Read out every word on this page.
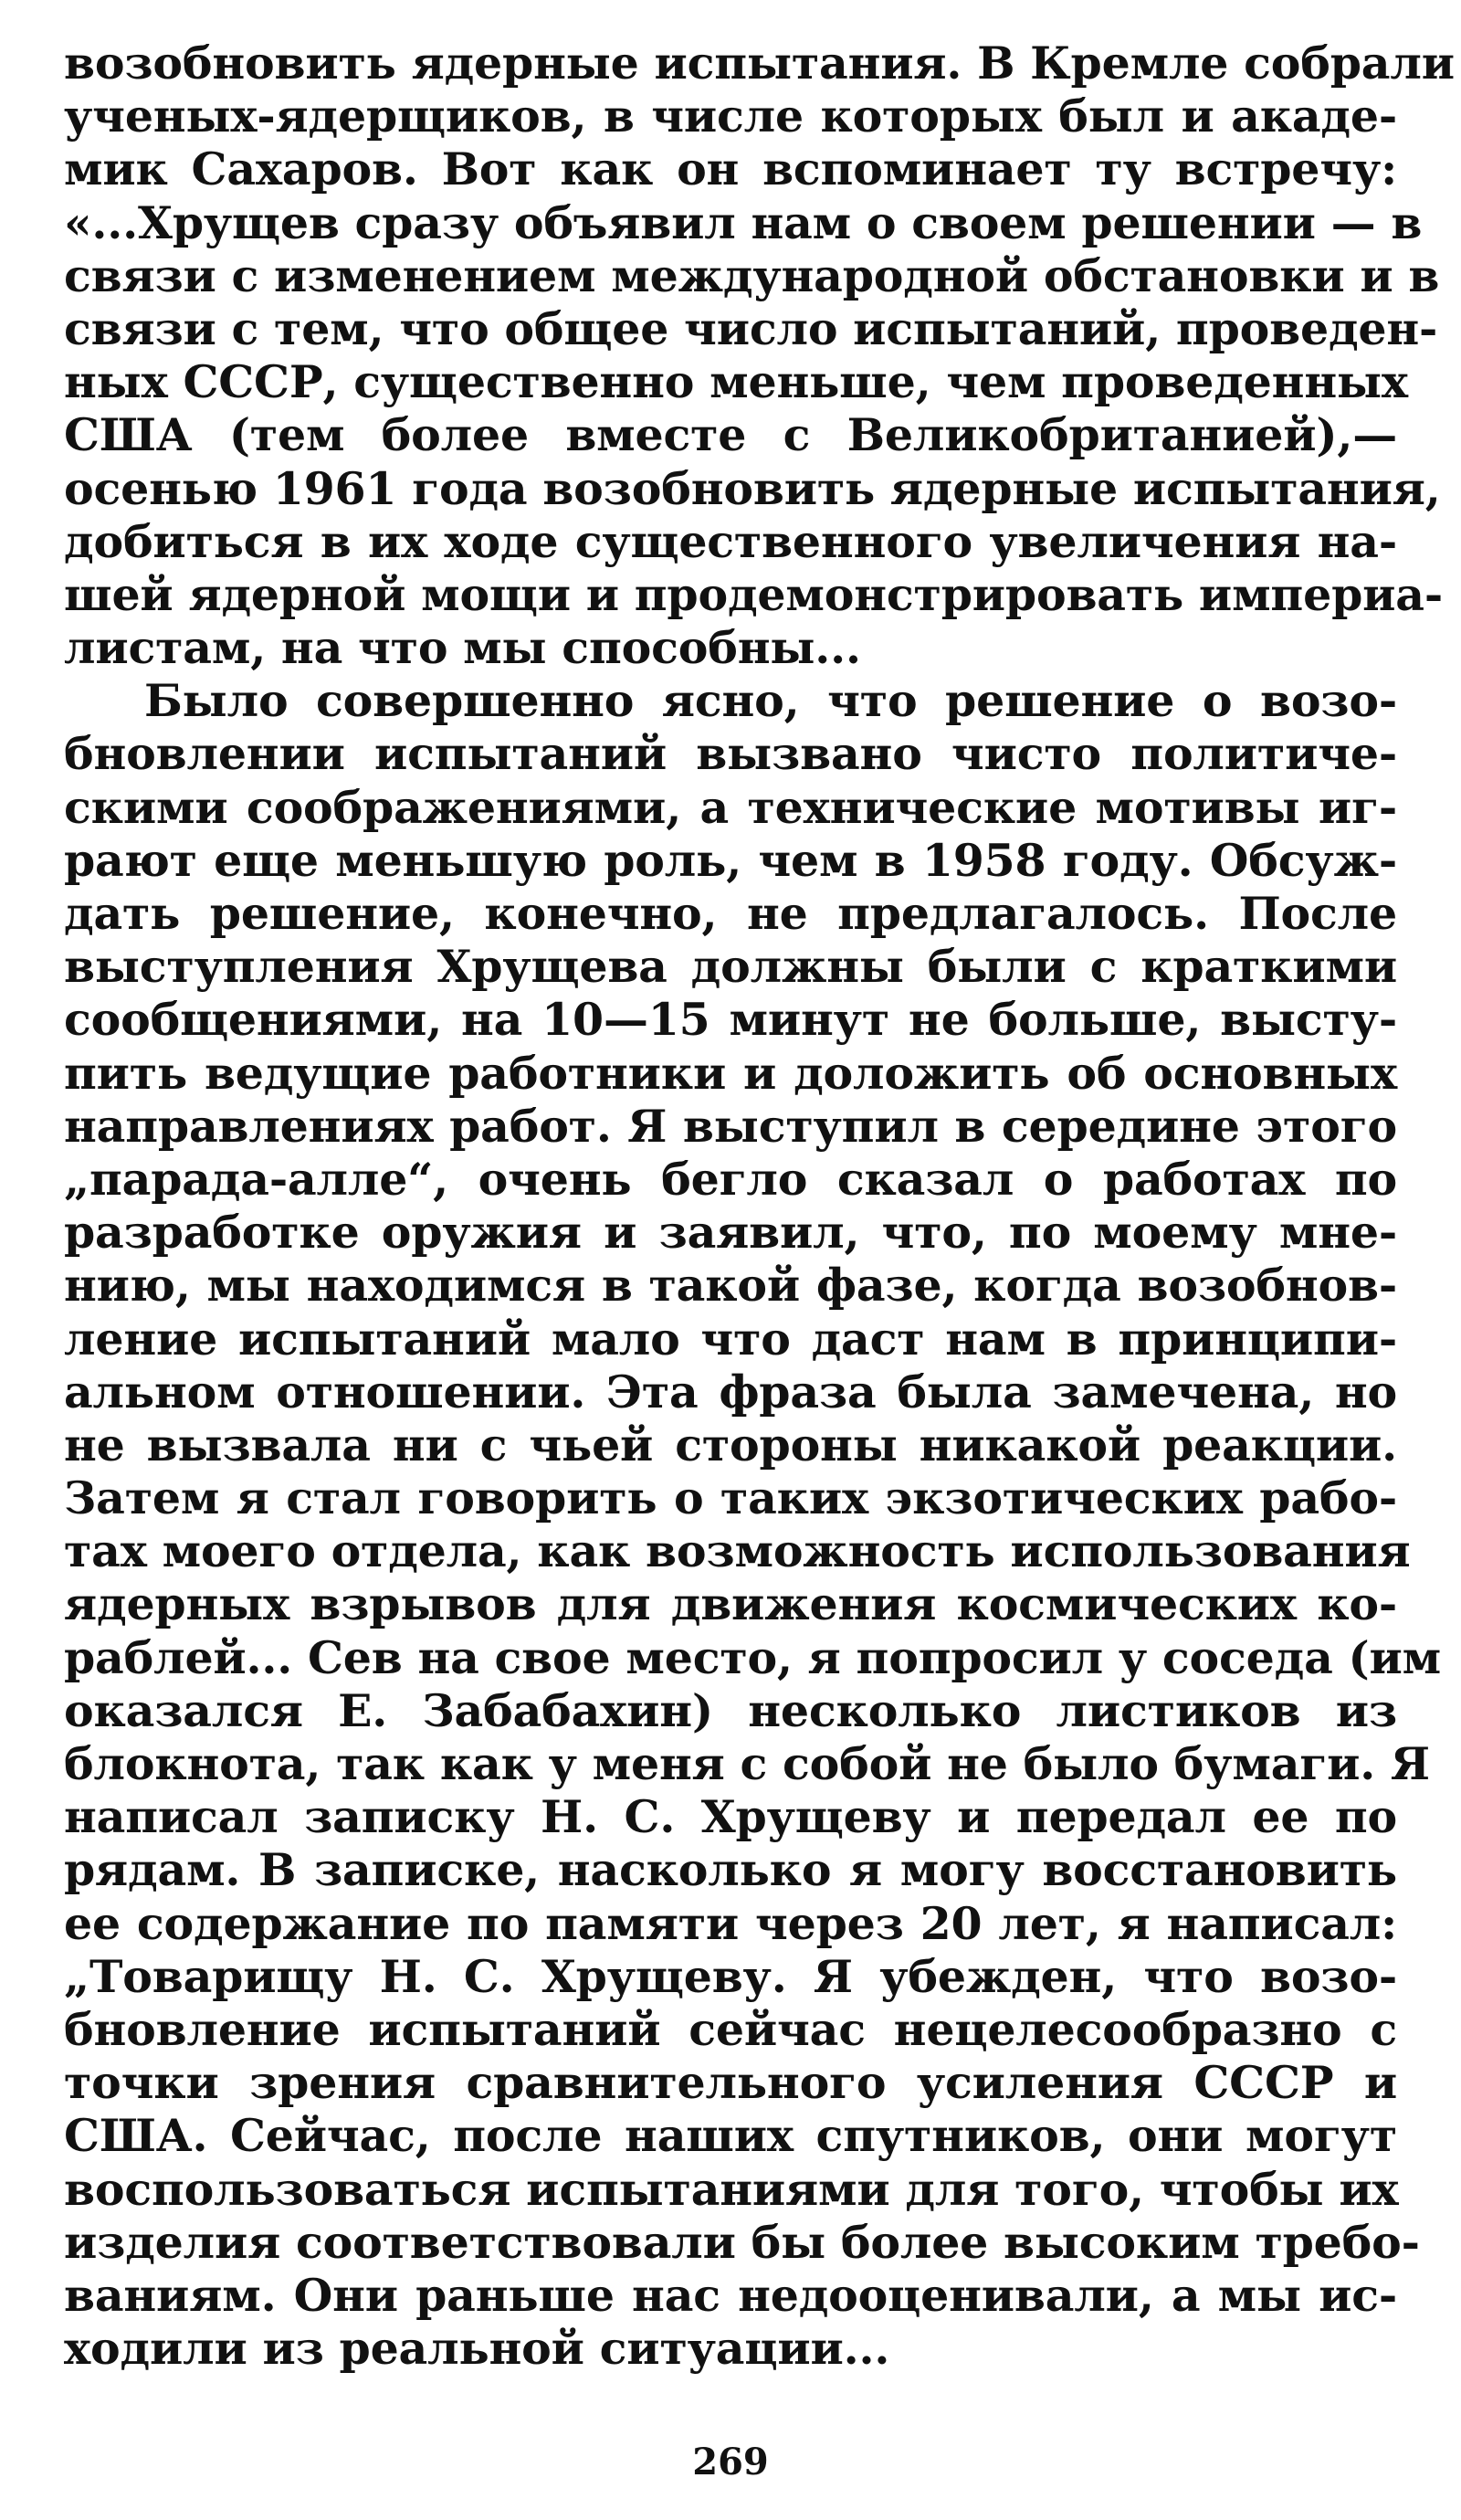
возобновить ядерные испытания. В Кремле собрали
ученых-ядерщиков, в числе которых был и акаде-
мик Сахаров. Вот как он вспоминает ту встречу:
«...Хрущев сразу объявил нам о своем решении — в
связи с изменением международной обстановки и в
связи с тем, что общее число испытаний, проведен-
ных СССР, существенно меньше, чем проведенных
США (тем более вместе с Великобританией),—
осенью 1961 года возобновить ядерные испытания,
добиться в их ходе существенного увеличения на-
шей ядерной мощи и продемонстрировать империа-
листам, на что мы способны...
Было совершенно ясно, что решение о возо-
бновлении испытаний вызвано чисто политиче-
скими соображениями, а технические мотивы иг-
рают еще меньшую роль, чем в 1958 году. Обсуж-
дать решение, конечно, не предлагалось. После
выступления Хрущева должны были с краткими
сообщениями, на 10—15 минут не больше, высту-
пить ведущие работники и доложить об основных
направлениях работ. Я выступил в середине этого
„парада-алле“, очень бегло сказал о работах по
разработке оружия и заявил, что, по моему мне-
нию, мы находимся в такой фазе, когда возобнов-
ление испытаний мало что даст нам в принципи-
альном отношении. Эта фраза была замечена, но
не вызвала ни с чьей стороны никакой реакции.
Затем я стал говорить о таких экзотических рабо-
тах моего отдела, как возможность использования
ядерных взрывов для движения космических ко-
раблей... Сев на свое место, я попросил у соседа (им
оказался Е. Забабахин) несколько листиков из
блокнота, так как у меня с собой не было бумаги. Я
написал записку Н. С. Хрущеву и передал ее по
рядам. В записке, насколько я могу восстановить
ее содержание по памяти через 20 лет, я написал:
„Товарищу Н. С. Хрущеву. Я убежден, что возо-
бновление испытаний сейчас нецелесообразно с
точки зрения сравнительного усиления СССР и
США. Сейчас, после наших спутников, они могут
воспользоваться испытаниями для того, чтобы их
изделия соответствовали бы более высоким требо-
ваниям. Они раньше нас недооценивали, а мы ис-
ходили из реальной ситуации...
269
